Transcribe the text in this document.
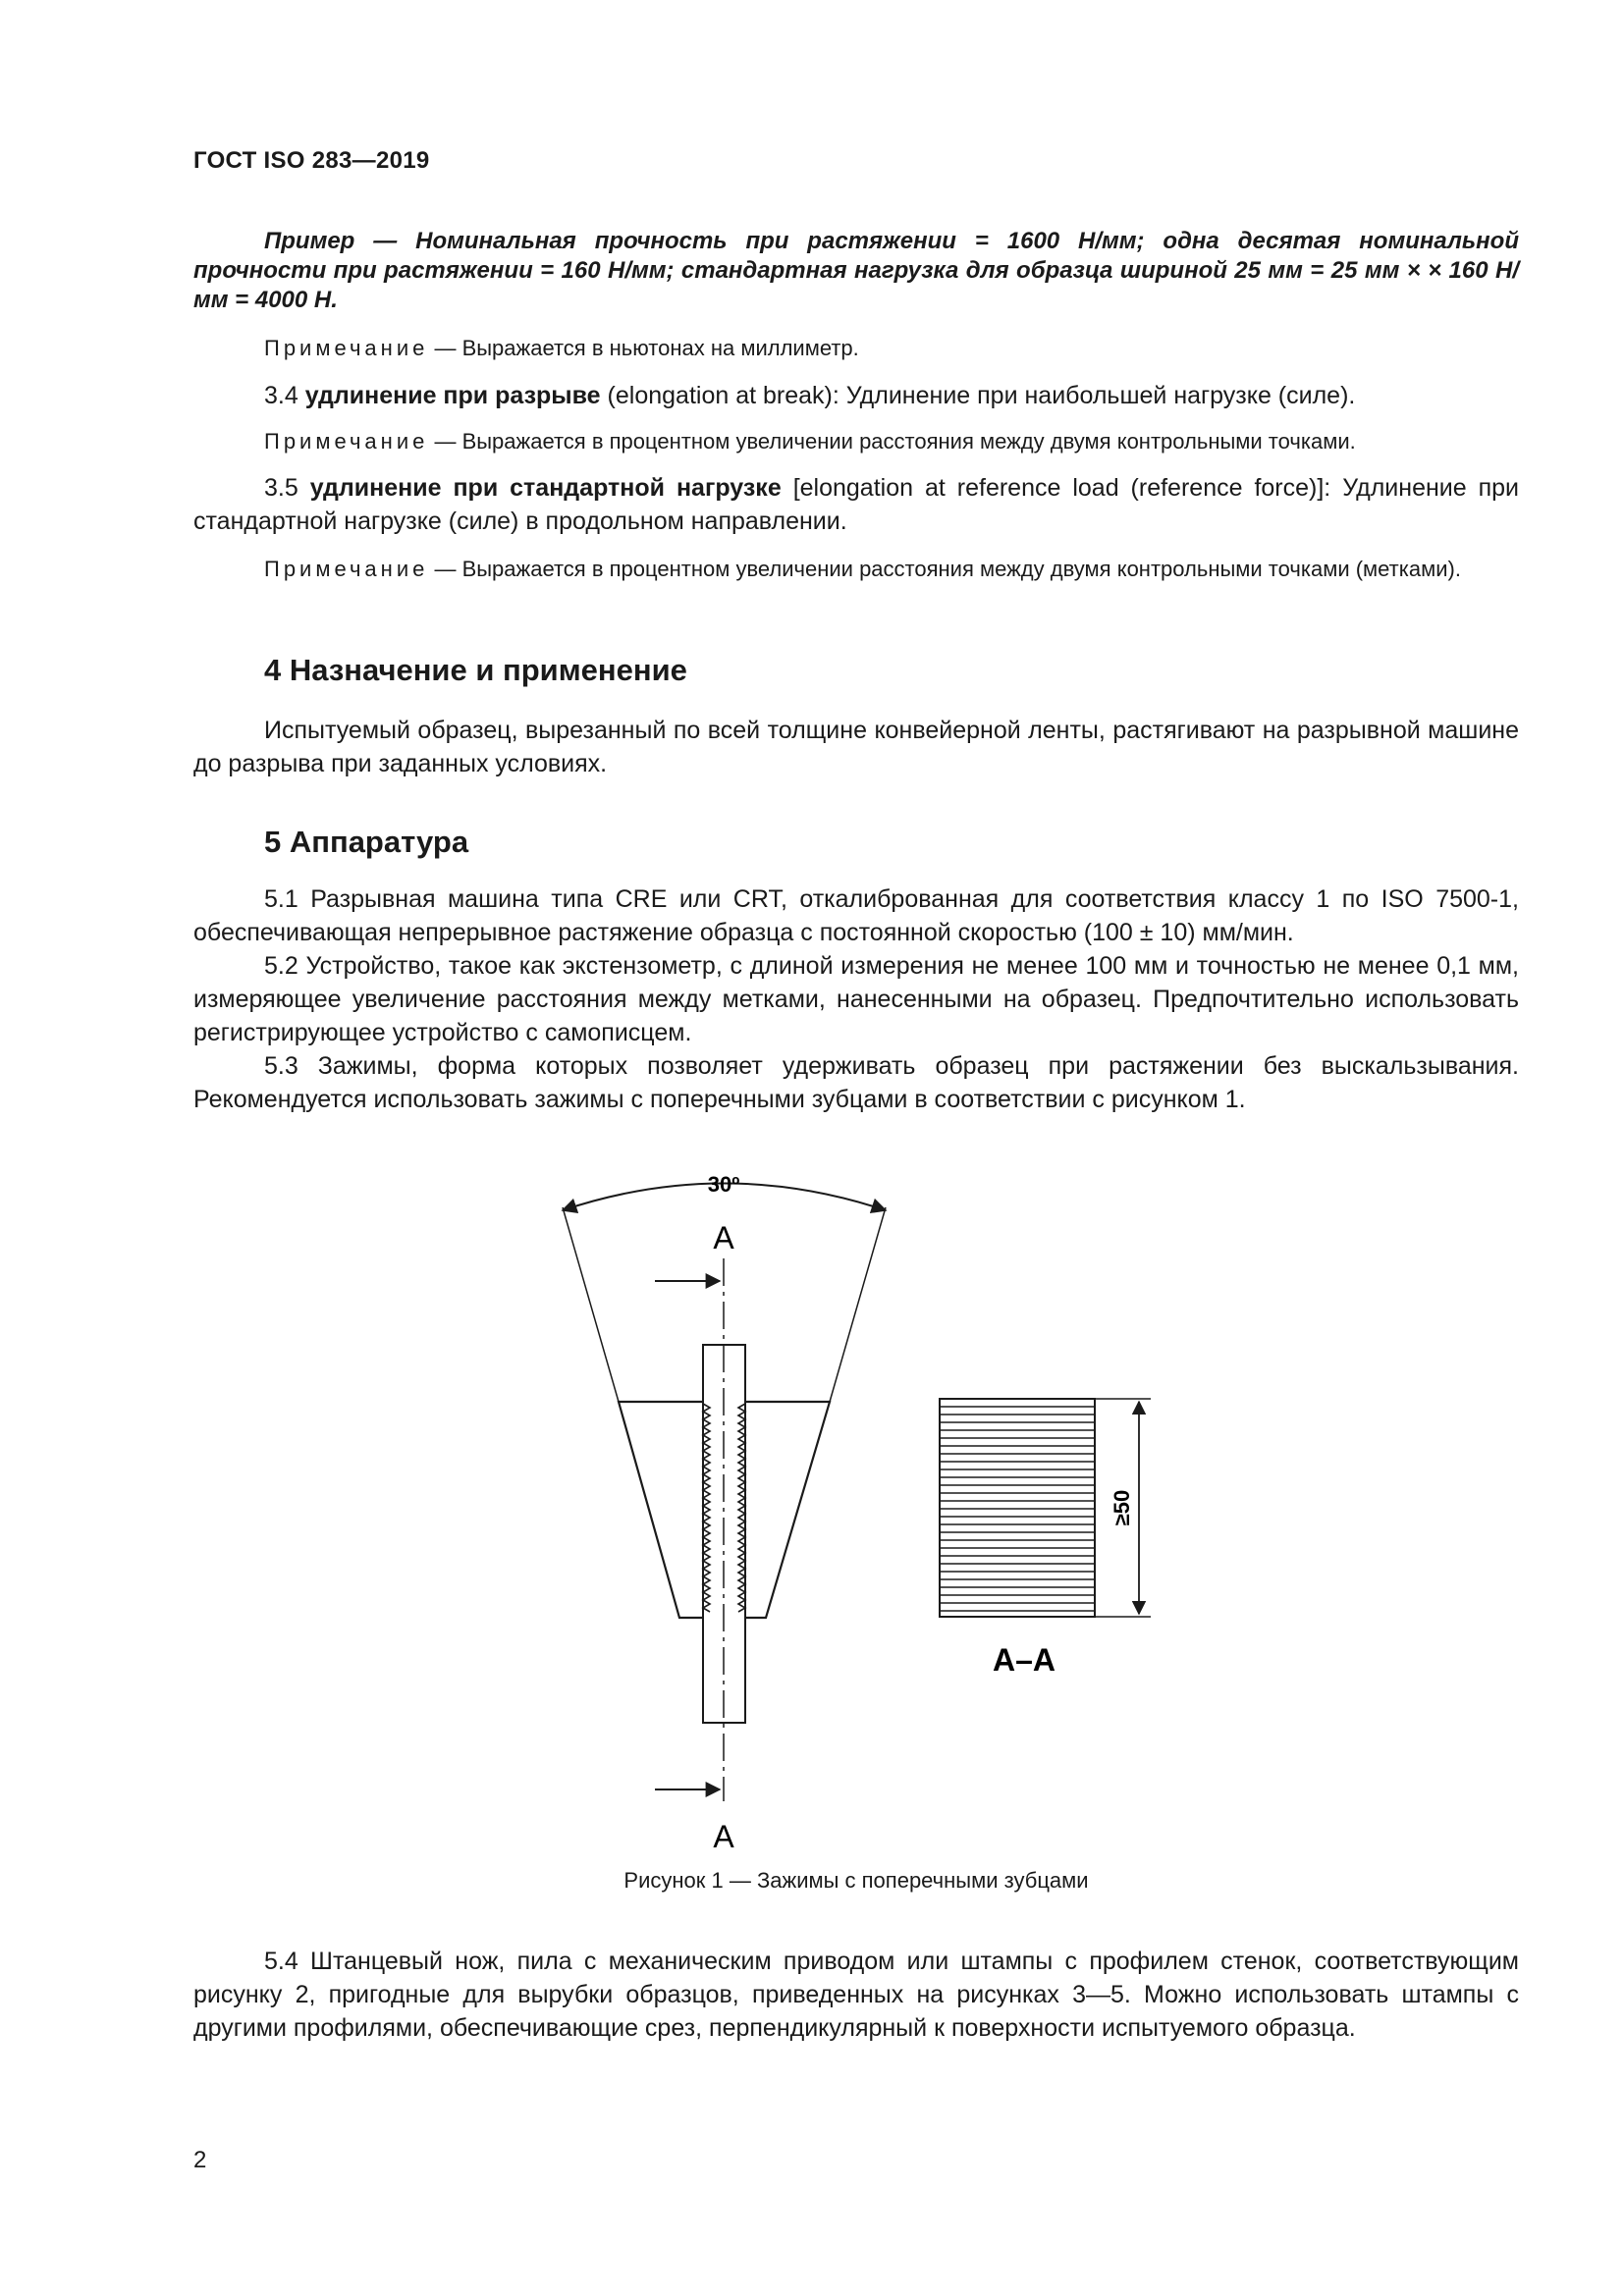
ГОСТ ISO 283—2019

Пример — Номинальная прочность при растяжении = 1600 Н/мм; одна десятая номинальной прочности при растяжении = 160 Н/мм; стандартная нагрузка для образца шириной 25 мм = 25 мм × × 160 Н/мм = 4000 Н.

Примечание — Выражается в ньютонах на миллиметр.

3.4 удлинение при разрыве (elongation at break): Удлинение при наибольшей нагрузке (силе).

Примечание — Выражается в процентном увеличении расстояния между двумя контрольными точками.

3.5 удлинение при стандартной нагрузке [elongation at reference load (reference force)]: Удлинение при стандартной нагрузке (силе) в продольном направлении.

Примечание — Выражается в процентном увеличении расстояния между двумя контрольными точками (метками).

4 Назначение и применение

Испытуемый образец, вырезанный по всей толщине конвейерной ленты, растягивают на разрывной машине до разрыва при заданных условиях.

5 Аппаратура

5.1 Разрывная машина типа CRE или CRT, откалиброванная для соответствия классу 1 по ISO 7500-1, обеспечивающая непрерывное растяжение образца с постоянной скоростью (100 ± 10) мм/мин.

5.2 Устройство, такое как экстензометр, с длиной измерения не менее 100 мм и точностью не менее 0,1 мм, измеряющее увеличение расстояния между метками, нанесенными на образец. Предпочтительно использовать регистрирующее устройство с самописцем.

5.3 Зажимы, форма которых позволяет удерживать образец при растяжении без выскальзывания. Рекомендуется использовать зажимы с поперечными зубцами в соответствии с рисунком 1.

30º
А
А
≥50
А–А
Рисунок 1 — Зажимы с поперечными зубцами

5.4 Штанцевый нож, пила с механическим приводом или штампы с профилем стенок, соответствующим рисунку 2, пригодные для вырубки образцов, приведенных на рисунках 3—5. Можно использовать штампы с другими профилями, обеспечивающие срез, перпендикулярный к поверхности испытуемого образца.

2
